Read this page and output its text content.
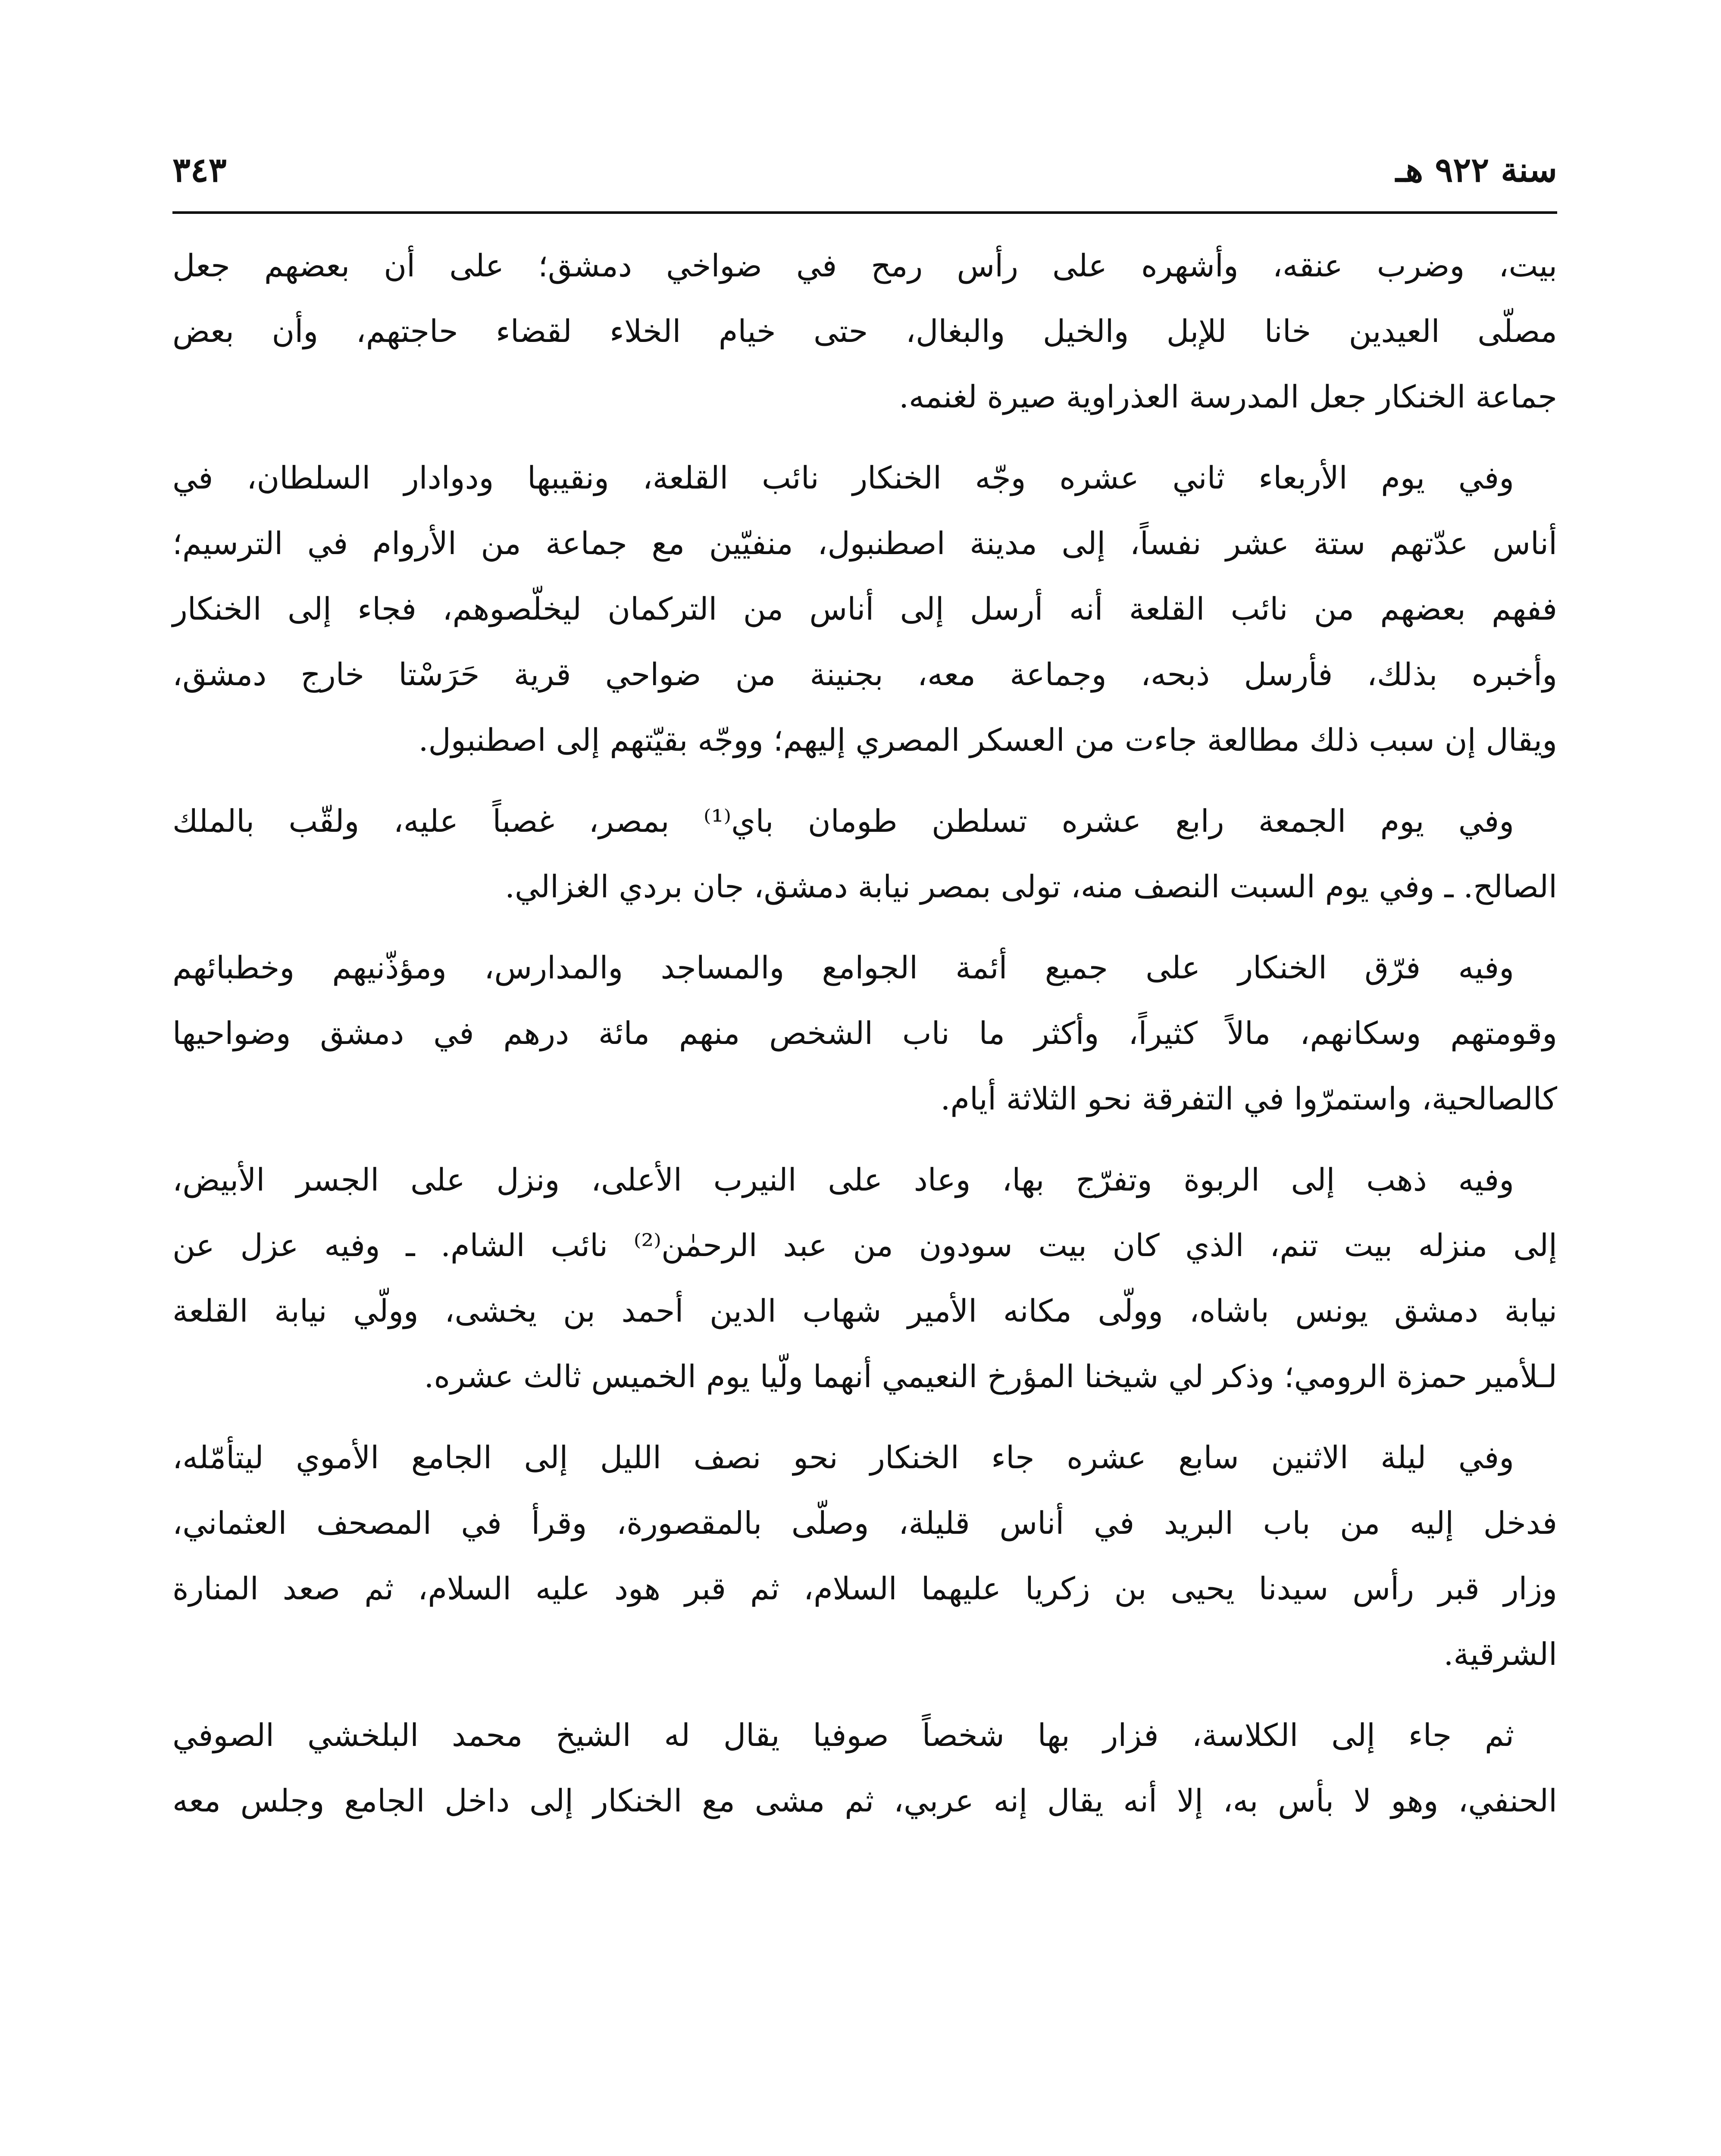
سنة ٩٢٢ هـ
٣٤٣
بيت، وضرب عنقه، وأشهره على رأس رمح في ضواخي دمشق؛ على أن بعضهم جعل
مصلّى العيدين خانا للإبل والخيل والبغال، حتى خيام الخلاء لقضاء حاجتهم، وأن بعض
جماعة الخنكار جعل المدرسة العذراوية صيرة لغنمه.
وفي يوم الأربعاء ثاني عشره وجّه الخنكار نائب القلعة، ونقيبها ودوادار السلطان، في
أناس عدّتهم ستة عشر نفساً، إلى مدينة اصطنبول، منفيّين مع جماعة من الأروام في الترسيم؛
ففهم بعضهم من نائب القلعة أنه أرسل إلى أناس من التركمان ليخلّصوهم، فجاء إلى الخنكار
وأخبره بذلك، فأرسل ذبحه، وجماعة معه، بجنينة من ضواحي قرية حَرَسْتا خارج دمشق،
ويقال إن سبب ذلك مطالعة جاءت من العسكر المصري إليهم؛ ووجّه بقيّتهم إلى اصطنبول.
وفي يوم الجمعة رابع عشره تسلطن طومان باي⁽¹⁾ بمصر، غصباً عليه، ولقّب بالملك
الصالح. ـ وفي يوم السبت النصف منه، تولى بمصر نيابة دمشق، جان بردي الغزالي.
وفيه فرّق الخنكار على جميع أئمة الجوامع والمساجد والمدارس، ومؤذّنيهم وخطبائهم
وقومتهم وسكانهم، مالاً كثيراً، وأكثر ما ناب الشخص منهم مائة درهم في دمشق وضواحيها
كالصالحية، واستمرّوا في التفرقة نحو الثلاثة أيام.
وفيه ذهب إلى الربوة وتفرّج بها، وعاد على النيرب الأعلى، ونزل على الجسر الأبيض،
إلى منزله بيت تنم، الذي كان بيت سودون من عبد الرحمٰن⁽²⁾ نائب الشام. ـ وفيه عزل عن
نيابة دمشق يونس باشاه، وولّى مكانه الأمير شهاب الدين أحمد بن يخشى، وولّي نيابة القلعة
لـلأمير حمزة الرومي؛ وذكر لي شيخنا المؤرخ النعيمي أنهما ولّيا يوم الخميس ثالث عشره.
وفي ليلة الاثنين سابع عشره جاء الخنكار نحو نصف الليل إلى الجامع الأموي ليتأمّله،
فدخل إليه من باب البريد في أناس قليلة، وصلّى بالمقصورة، وقرأ في المصحف العثماني،
وزار قبر رأس سيدنا يحيى بن زكريا عليهما السلام، ثم قبر هود عليه السلام، ثم صعد المنارة
الشرقية.
ثم جاء إلى الكلاسة، فزار بها شخصاً صوفيا يقال له الشيخ محمد البلخشي الصوفي
الحنفي، وهو لا بأس به، إلا أنه يقال إنه عربي، ثم مشى مع الخنكار إلى داخل الجامع وجلس معه
